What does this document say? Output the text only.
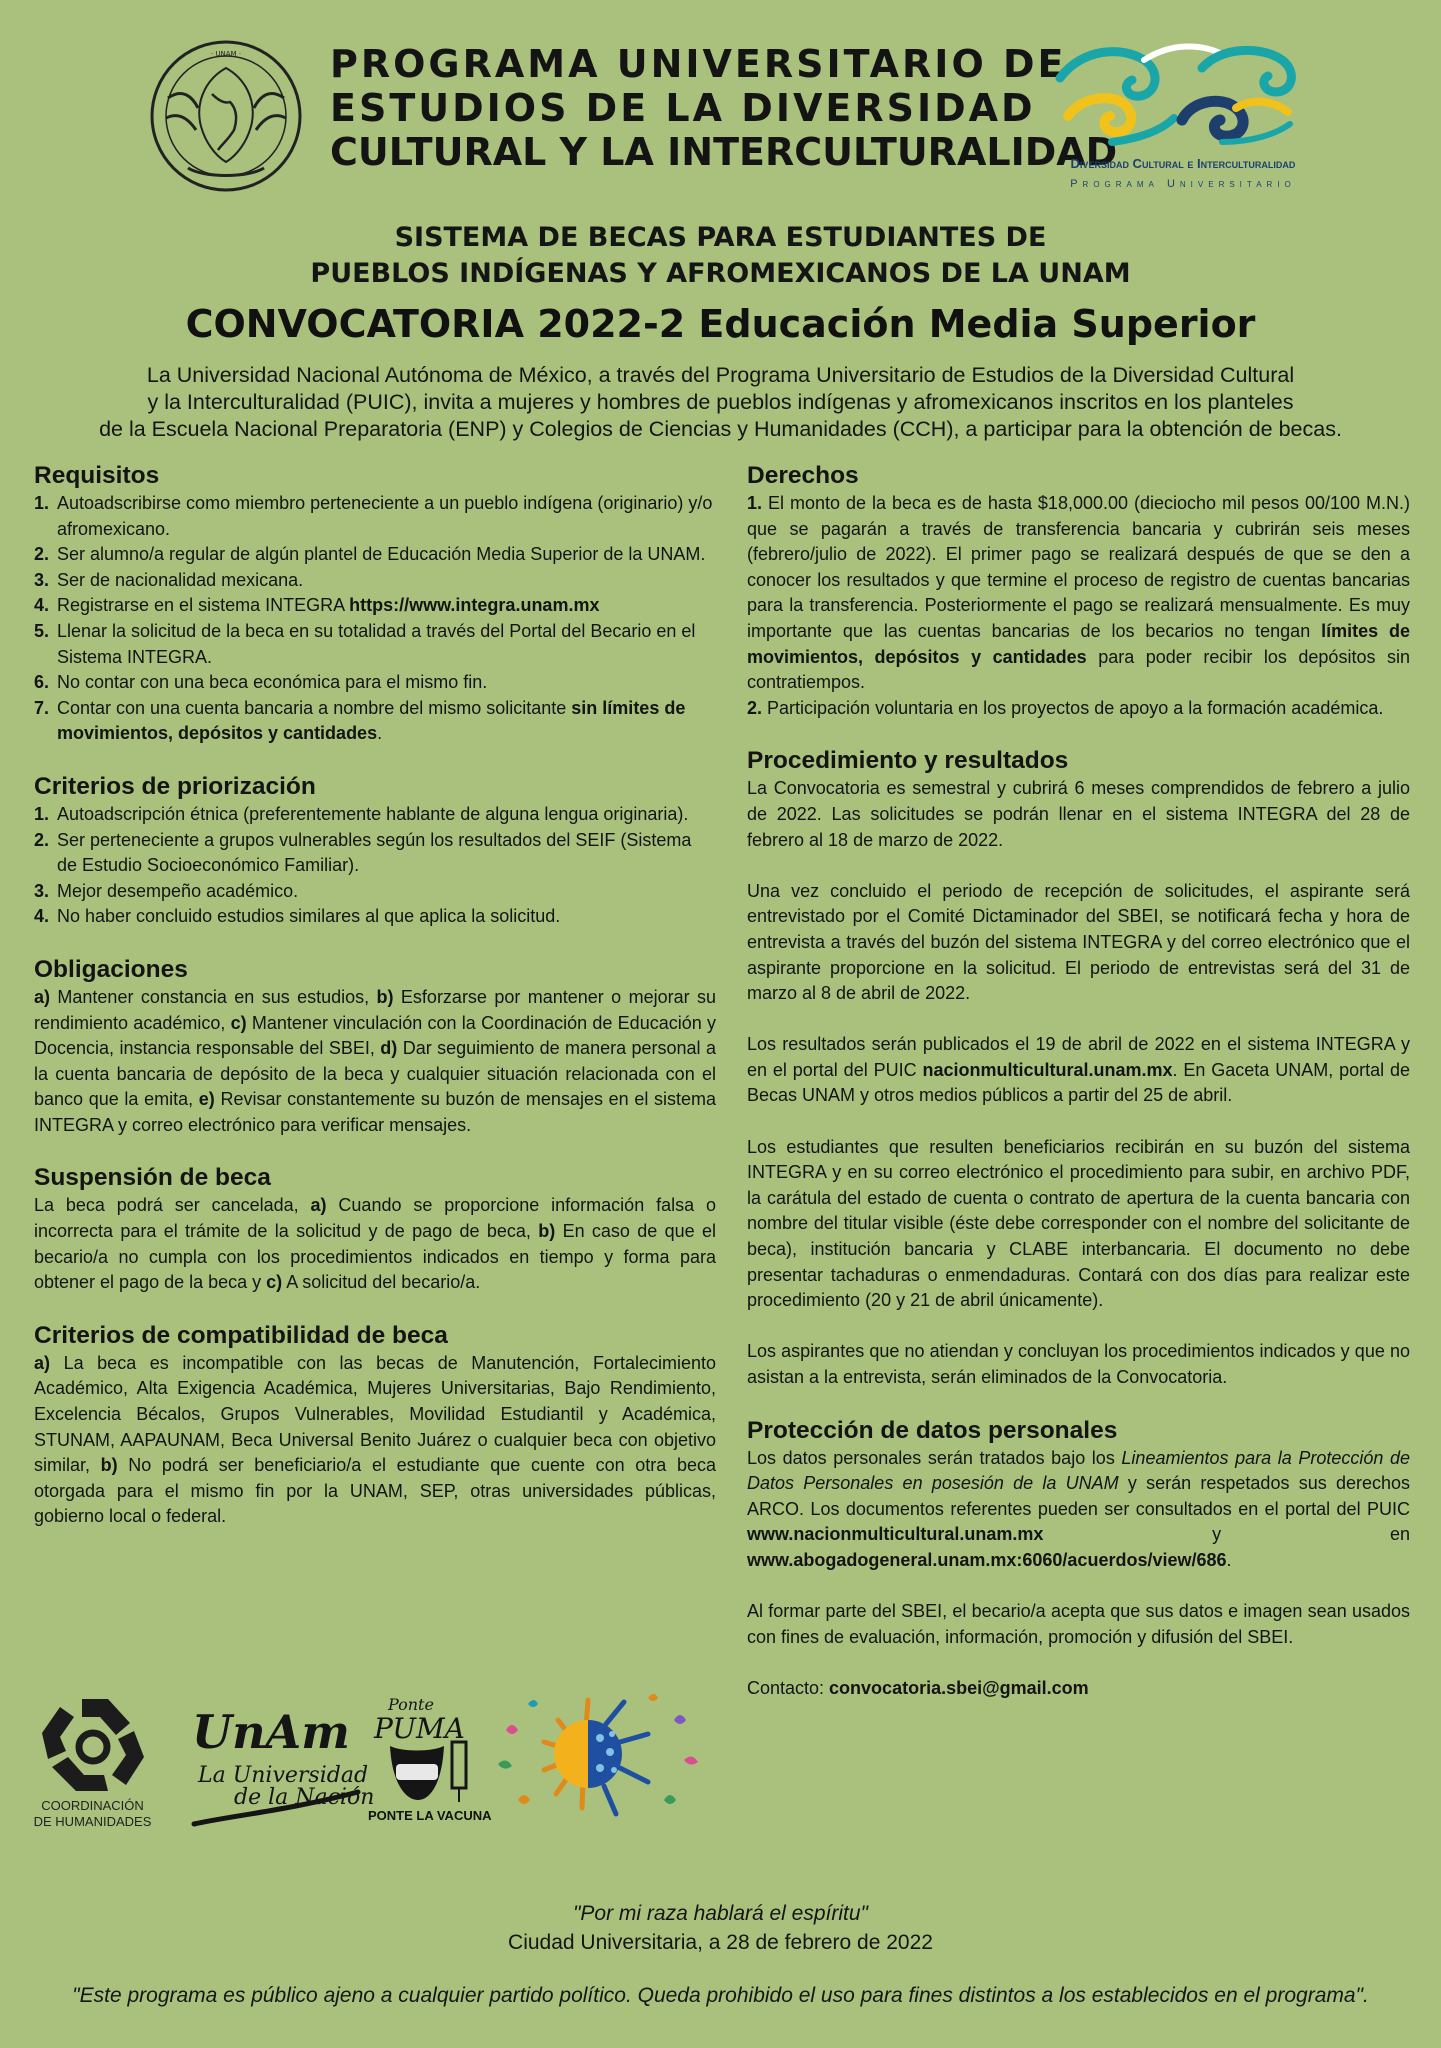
· UNAM · PROGRAMA UNIVERSITARIO DE
ESTUDIOS DE LA DIVERSIDAD
CULTURAL Y LA INTERCULTURALIDAD
Diversidad Cultural e Interculturalidad
Programa Universitario
SISTEMA DE BECAS PARA ESTUDIANTES DE
PUEBLOS INDÍGENAS Y AFROMEXICANOS DE LA UNAM
CONVOCATORIA 2022-2 Educación Media Superior
La Universidad Nacional Autónoma de México, a través del Programa Universitario de Estudios de la Diversidad Cultural
y la Interculturalidad (PUIC), invita a mujeres y hombres de pueblos indígenas y afromexicanos inscritos en los planteles
de la Escuela Nacional Preparatoria (ENP) y Colegios de Ciencias y Humanidades (CCH), a participar para la obtención de becas.
Requisitos
1. Autoadscribirse como miembro perteneciente a un pueblo indígena (originario) y/o afromexicano.
2. Ser alumno/a regular de algún plantel de Educación Media Superior de la UNAM.
3. Ser de nacionalidad mexicana.
4. Registrarse en el sistema INTEGRA https://www.integra.unam.mx
5. Llenar la solicitud de la beca en su totalidad a través del Portal del Becario en el Sistema INTEGRA.
6. No contar con una beca económica para el mismo fin.
7. Contar con una cuenta bancaria a nombre del mismo solicitante sin límites de movimientos, depósitos y cantidades.
Criterios de priorización
1. Autoadscripción étnica (preferentemente hablante de alguna lengua originaria).
2. Ser perteneciente a grupos vulnerables según los resultados del SEIF (Sistema de Estudio Socioeconómico Familiar).
3. Mejor desempeño académico.
4. No haber concluido estudios similares al que aplica la solicitud.
Obligaciones
a) Mantener constancia en sus estudios, b) Esforzarse por mantener o mejorar su rendimiento académico, c) Mantener vinculación con la Coordinación de Educación y Docencia, instancia responsable del SBEI, d) Dar seguimiento de manera personal a la cuenta bancaria de depósito de la beca y cualquier situación relacionada con el banco que la emita, e) Revisar constantemente su buzón de mensajes en el sistema INTEGRA y correo electrónico para verificar mensajes.
Suspensión de beca
La beca podrá ser cancelada, a) Cuando se proporcione información falsa o incorrecta para el trámite de la solicitud y de pago de beca, b) En caso de que el becario/a no cumpla con los procedimientos indicados en tiempo y forma para obtener el pago de la beca y c) A solicitud del becario/a.
Criterios de compatibilidad de beca
a) La beca es incompatible con las becas de Manutención, Fortalecimiento Académico, Alta Exigencia Académica, Mujeres Universitarias, Bajo Rendimiento, Excelencia Bécalos, Grupos Vulnerables, Movilidad Estudiantil y Académica, STUNAM, AAPAUNAM, Beca Universal Benito Juárez o cualquier beca con objetivo similar, b) No podrá ser beneficiario/a el estudiante que cuente con otra beca otorgada para el mismo fin por la UNAM, SEP, otras universidades públicas, gobierno local o federal.
Derechos
1. El monto de la beca es de hasta $18,000.00 (dieciocho mil pesos 00/100 M.N.) que se pagarán a través de transferencia bancaria y cubrirán seis meses (febrero/julio de 2022). El primer pago se realizará después de que se den a conocer los resultados y que termine el proceso de registro de cuentas bancarias para la transferencia. Posteriormente el pago se realizará mensualmente. Es muy importante que las cuentas bancarias de los becarios no tengan límites de movimientos, depósitos y cantidades para poder recibir los depósitos sin contratiempos.
2. Participación voluntaria en los proyectos de apoyo a la formación académica.
Procedimiento y resultados
La Convocatoria es semestral y cubrirá 6 meses comprendidos de febrero a julio de 2022. Las solicitudes se podrán llenar en el sistema INTEGRA del 28 de febrero al 18 de marzo de 2022.
Una vez concluido el periodo de recepción de solicitudes, el aspirante será entrevistado por el Comité Dictaminador del SBEI, se notificará fecha y hora de entrevista a través del buzón del sistema INTEGRA y del correo electrónico que el aspirante proporcione en la solicitud. El periodo de entrevistas será del 31 de marzo al 8 de abril de 2022.
Los resultados serán publicados el 19 de abril de 2022 en el sistema INTEGRA y en el portal del PUIC nacionmulticultural.unam.mx. En Gaceta UNAM, portal de Becas UNAM y otros medios públicos a partir del 25 de abril.
Los estudiantes que resulten beneficiarios recibirán en su buzón del sistema INTEGRA y en su correo electrónico el procedimiento para subir, en archivo PDF, la carátula del estado de cuenta o contrato de apertura de la cuenta bancaria con nombre del titular visible (éste debe corresponder con el nombre del solicitante de beca), institución bancaria y CLABE interbancaria. El documento no debe presentar tachaduras o enmendaduras. Contará con dos días para realizar este procedimiento (20 y 21 de abril únicamente).
Los aspirantes que no atiendan y concluyan los procedimientos indicados y que no asistan a la entrevista, serán eliminados de la Convocatoria.
Protección de datos personales
Los datos personales serán tratados bajo los Lineamientos para la Protección de Datos Personales en posesión de la UNAM y serán respetados sus derechos ARCO. Los documentos referentes pueden ser consultados en el portal del PUIC www.nacionmulticultural.unam.mx y en www.abogadogeneral.unam.mx:6060/acuerdos/view/686.
Al formar parte del SBEI, el becario/a acepta que sus datos e imagen sean usados con fines de evaluación, información, promoción y difusión del SBEI.
Contacto: convocatoria.sbei@gmail.com
COORDINACIÓN
DE HUMANIDADES
UnAm
La Universidad
de la Nación
Ponte
PUMA
PONTE LA VACUNA
"Por mi raza hablará el espíritu"
Ciudad Universitaria, a 28 de febrero de 2022
"Este programa es público ajeno a cualquier partido político. Queda prohibido el uso para fines distintos a los establecidos en el programa".
